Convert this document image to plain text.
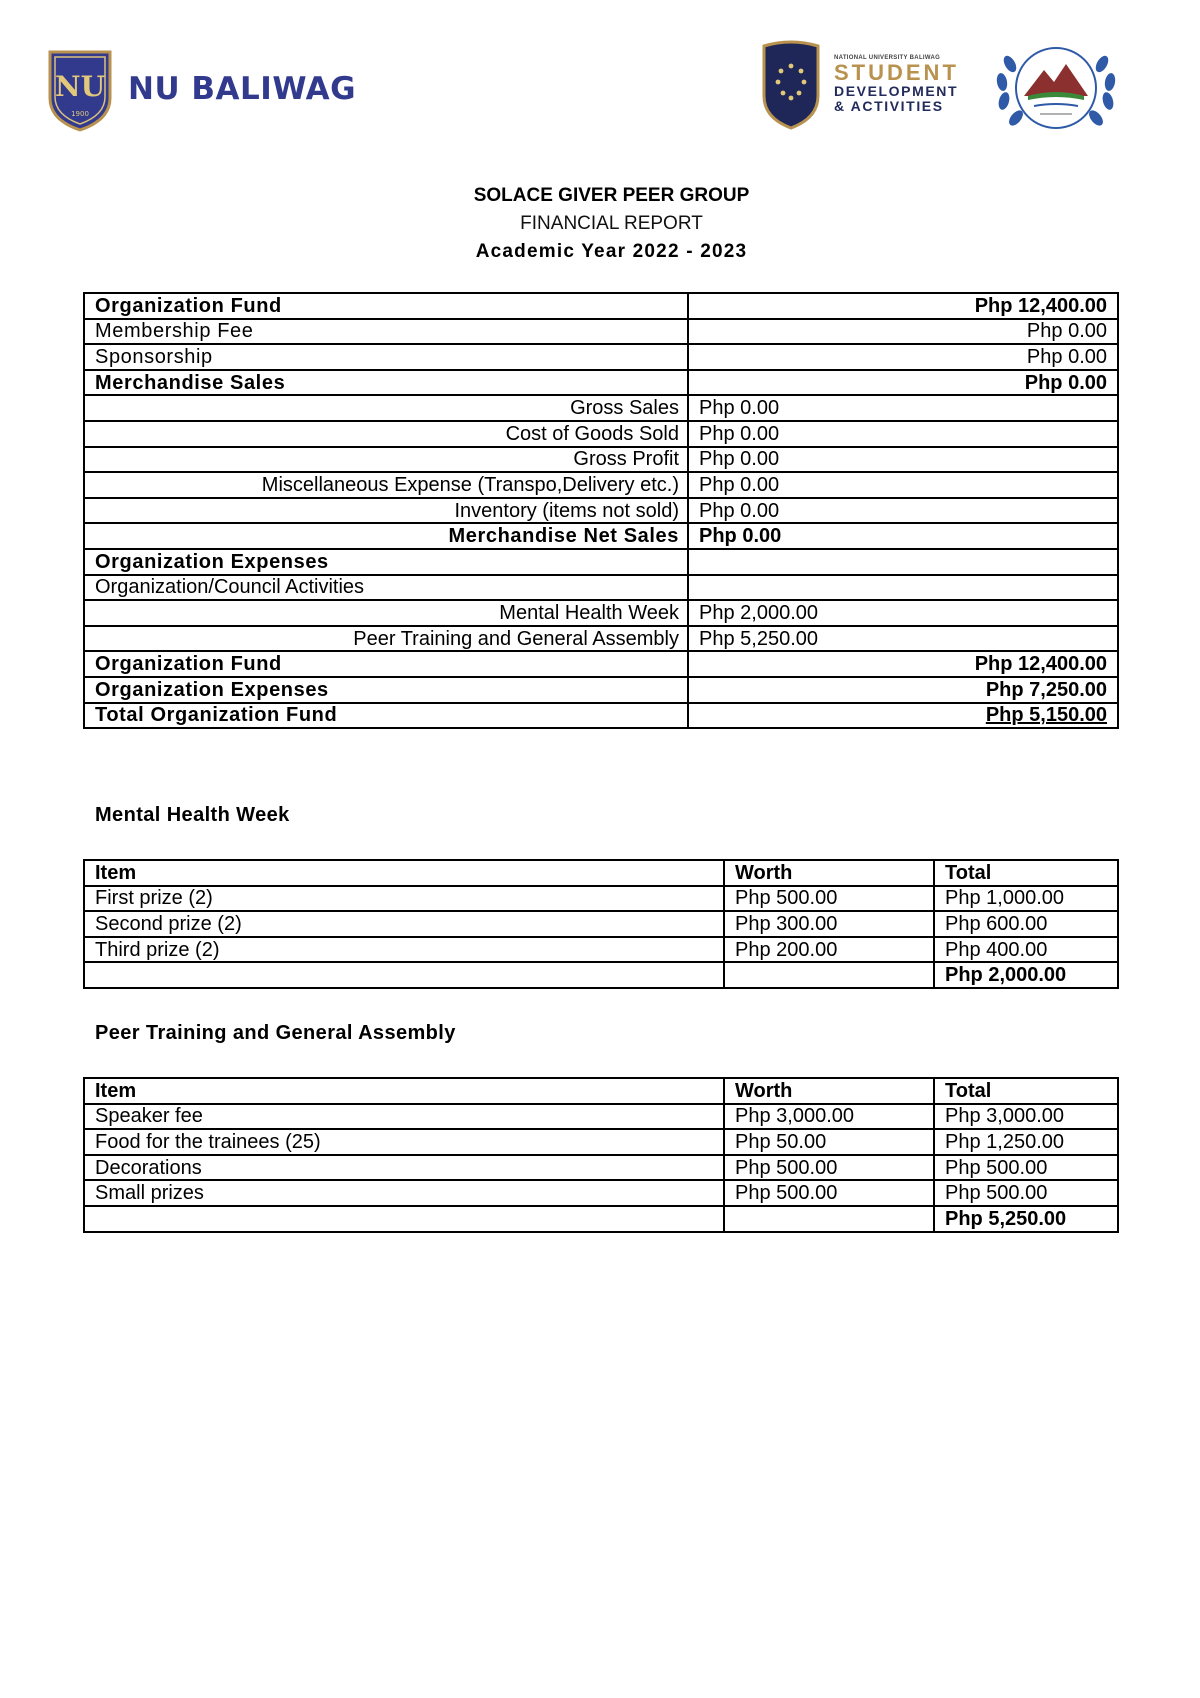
NU
1900
NU BALIWAG
NATIONAL UNIVERSITY BALIWAG
STUDENT
DEVELOPMENT
& ACTIVITIES
SOLACE GIVER PEER GROUP
FINANCIAL REPORT
Academic Year 2022 - 2023
Organization Fund	Php 12,400.00
Membership Fee	Php 0.00
Sponsorship	Php 0.00
Merchandise Sales	Php 0.00
Gross Sales	Php 0.00
Cost of Goods Sold	Php 0.00
Gross Profit	Php 0.00
Miscellaneous Expense (Transpo,Delivery etc.)	Php 0.00
Inventory (items not sold)	Php 0.00
Merchandise Net Sales	Php 0.00
Organization Expenses	
Organization/Council Activities	
Mental Health Week	Php 2,000.00
Peer Training and General Assembly	Php 5,250.00
Organization Fund	Php 12,400.00
Organization Expenses	Php 7,250.00
Total Organization Fund	Php 5,150.00
Mental Health Week
Item	Worth	Total
First prize (2)	Php 500.00	Php 1,000.00
Second prize (2)	Php 300.00	Php 600.00
Third prize (2)	Php 200.00	Php 400.00
		Php 2,000.00
Peer Training and General Assembly
Item	Worth	Total
Speaker fee	Php 3,000.00	Php 3,000.00
Food for the trainees (25)	Php 50.00	Php 1,250.00
Decorations	Php 500.00	Php 500.00
Small prizes	Php 500.00	Php 500.00
		Php 5,250.00
